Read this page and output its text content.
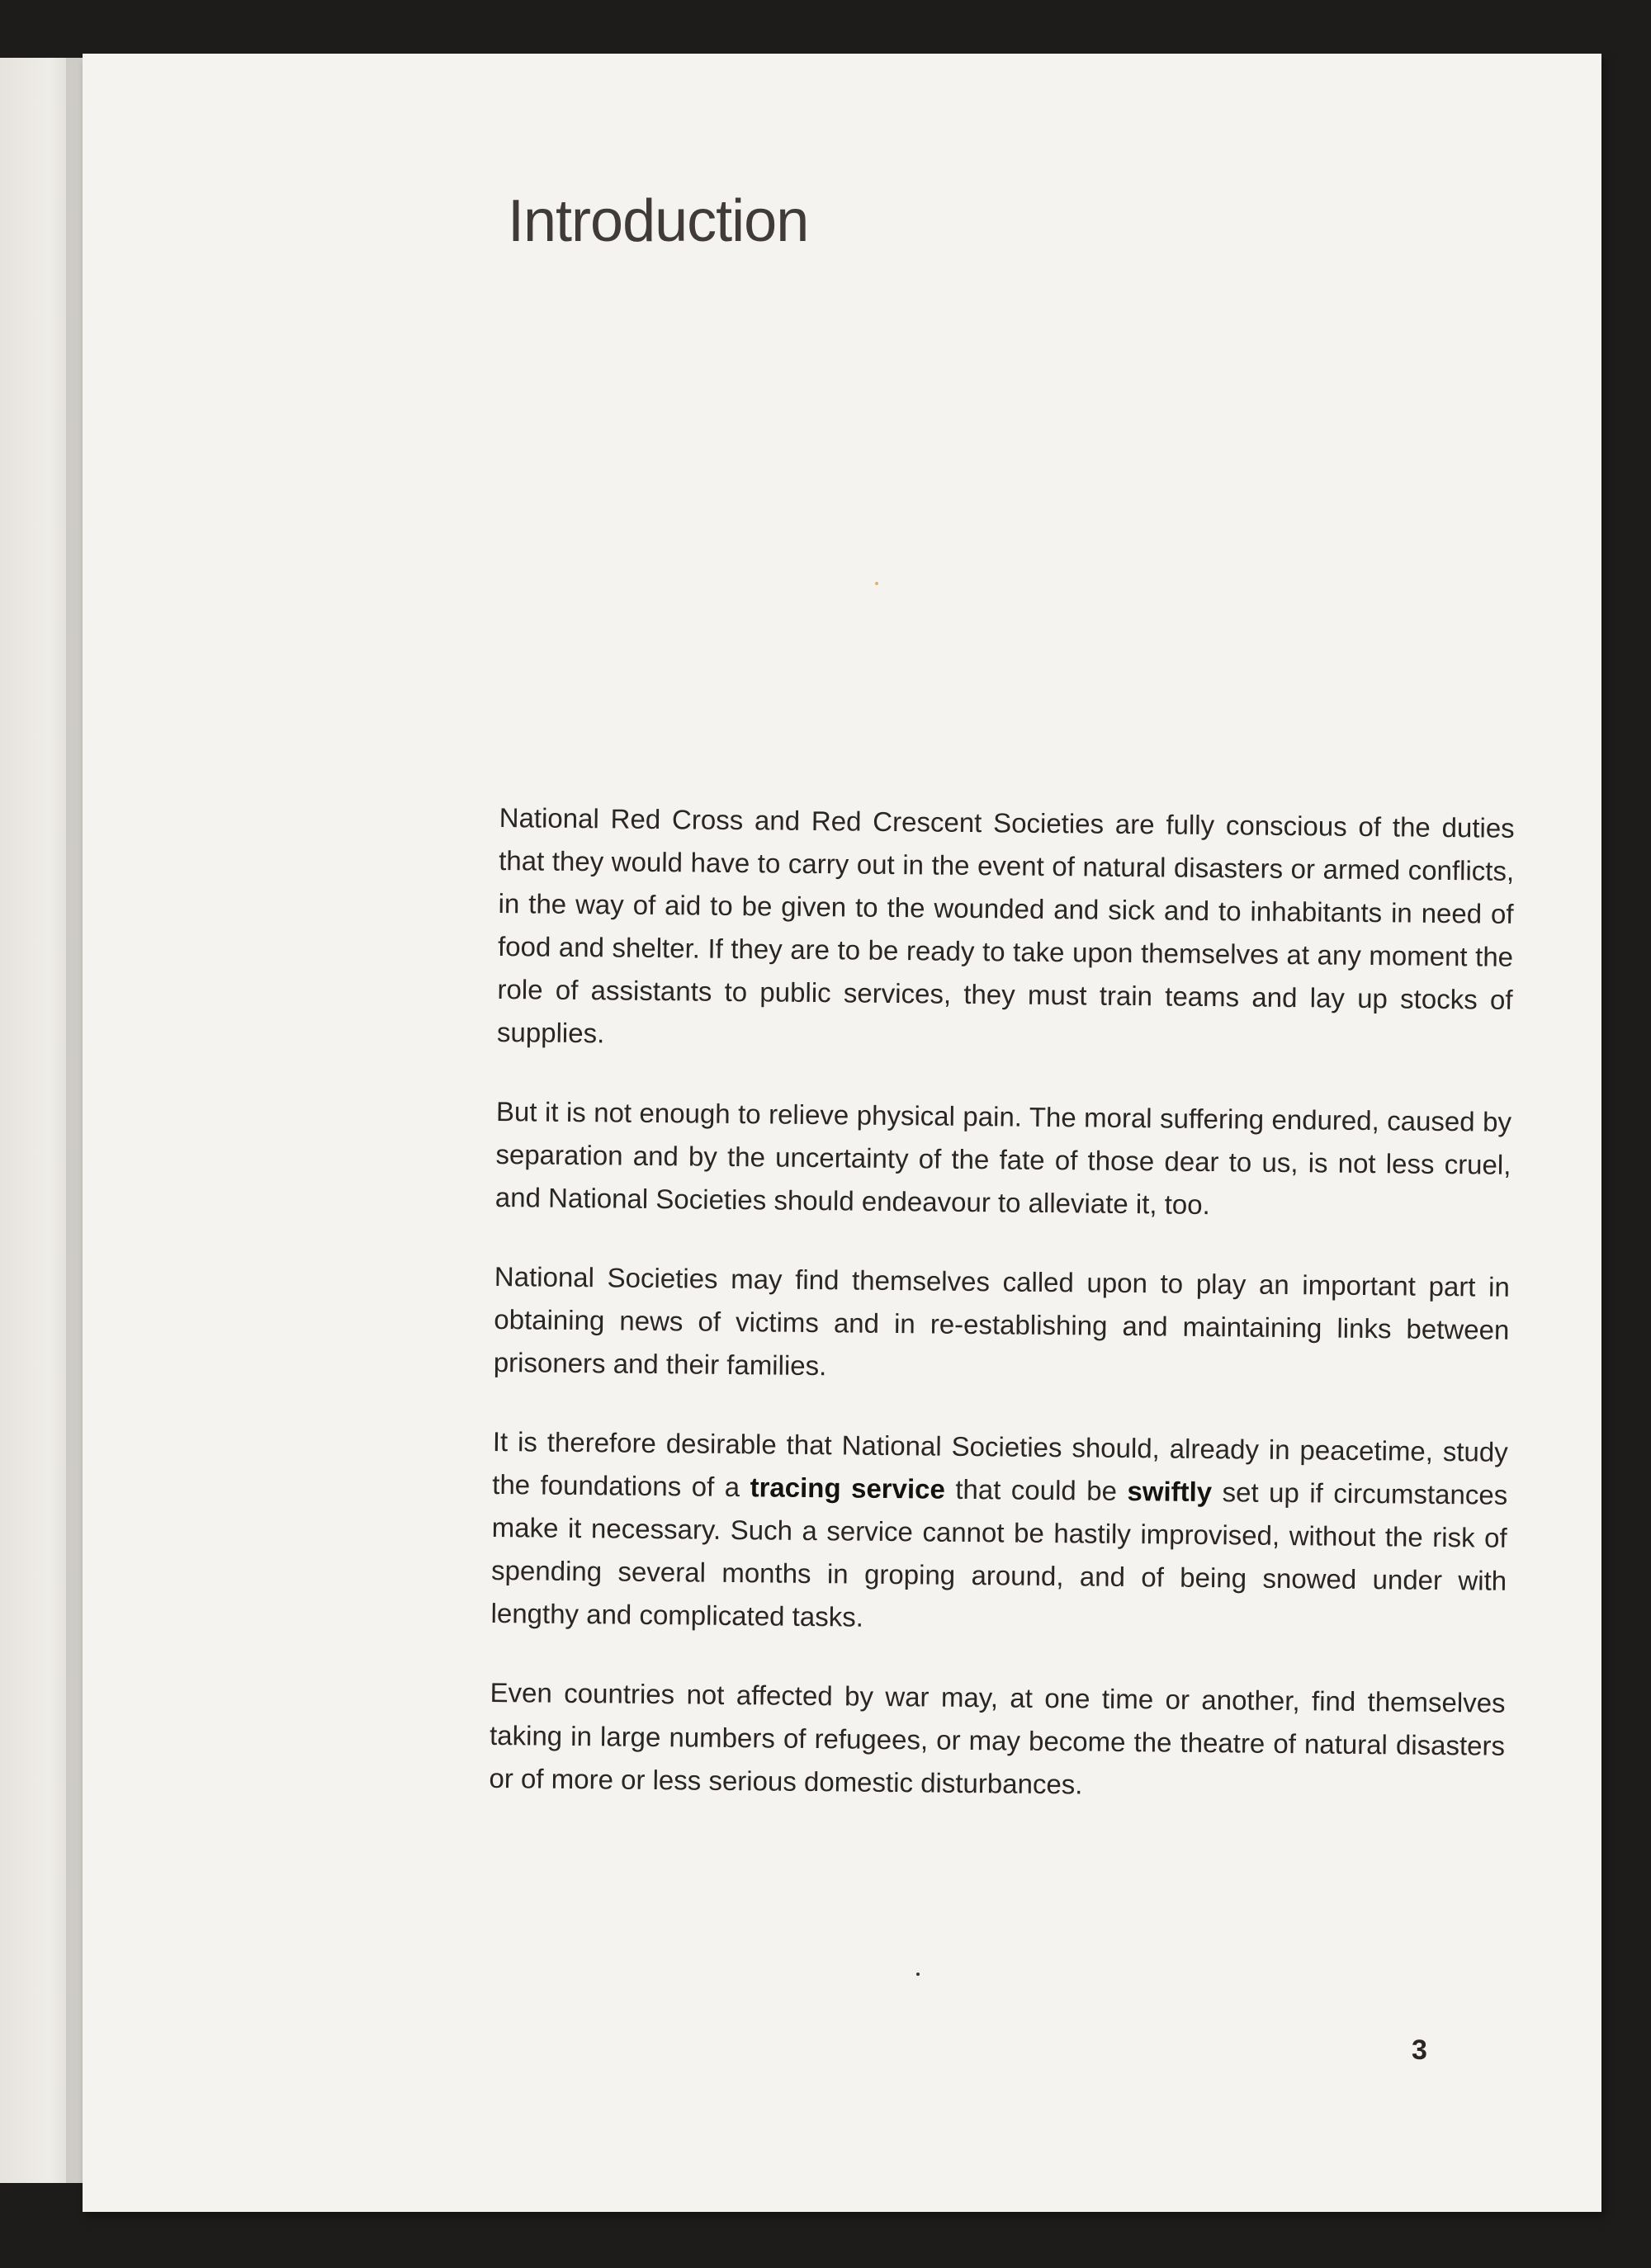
Introduction

National Red Cross and Red Crescent Societies are fully conscious of the duties that they would have to carry out in the event of natural disasters or armed conflicts, in the way of aid to be given to the wounded and sick and to inhabitants in need of food and shelter. If they are to be ready to take upon themselves at any moment the role of assistants to public services, they must train teams and lay up stocks of supplies.

But it is not enough to relieve physical pain. The moral suffering endured, caused by separation and by the uncertainty of the fate of those dear to us, is not less cruel, and National Societies should endeavour to alleviate it, too.

National Societies may find themselves called upon to play an important part in obtaining news of victims and in re-establishing and maintaining links between prisoners and their families.

It is therefore desirable that National Societies should, already in peacetime, study the foundations of a tracing service that could be swiftly set up if circumstances make it necessary. Such a service cannot be hastily improvised, without the risk of spending several months in groping around, and of being snowed under with lengthy and complicated tasks.

Even countries not affected by war may, at one time or another, find themselves taking in large numbers of refugees, or may become the theatre of natural disasters or of more or less serious domestic disturbances.

3
